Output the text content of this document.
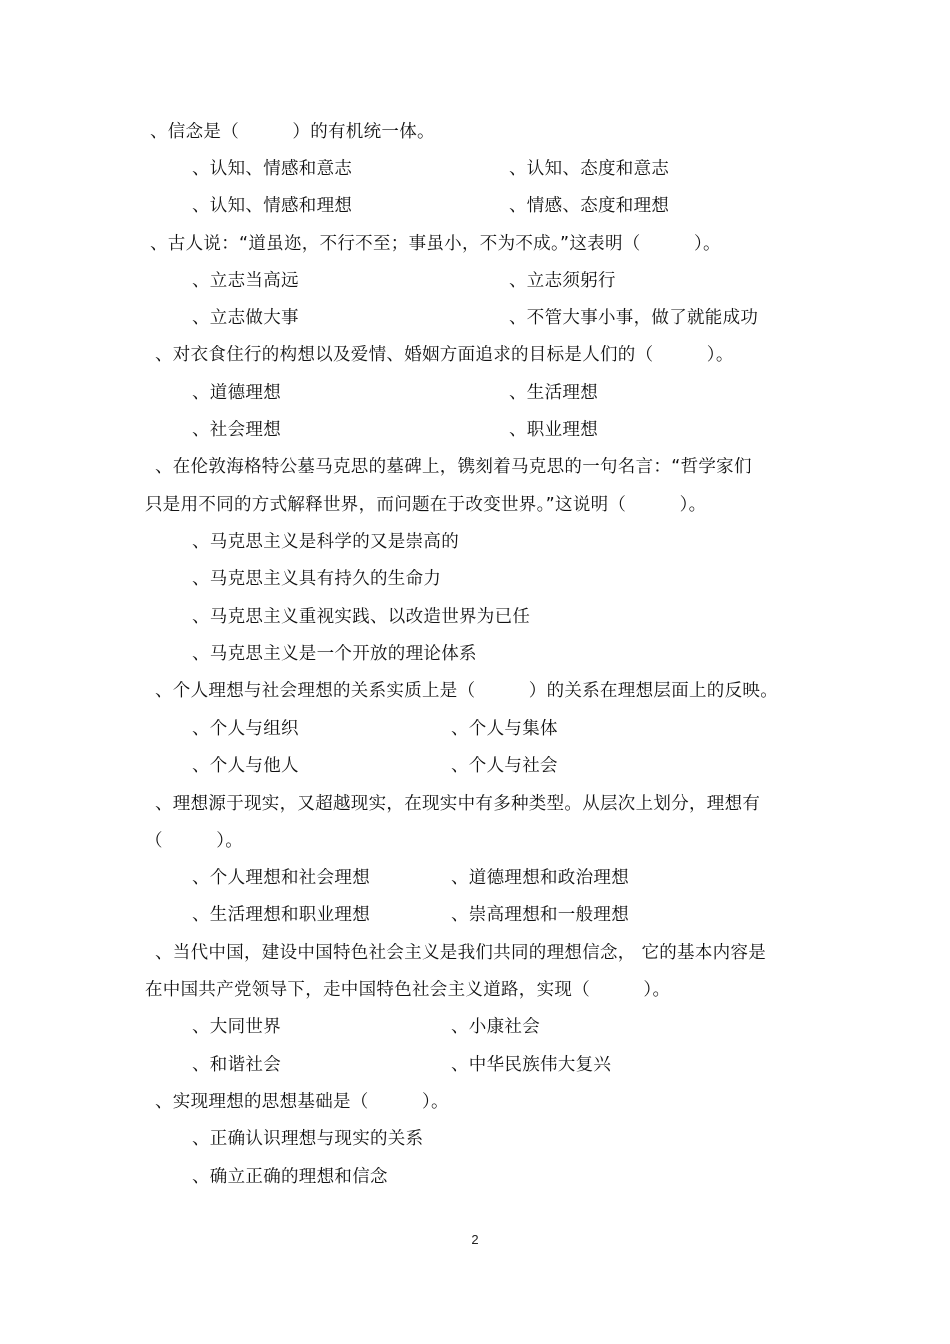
、信念是（　　　）的有机统一体。
、认知、情感和意志	、认知、态度和意志
、认知、情感和理想	、情感、态度和理想
、古人说：“道虽迩，不行不至；事虽小，不为不成。”这表明（　　　）。
、立志当高远	、立志须躬行
、立志做大事	、不管大事小事，做了就能成功
、对衣食住行的构想以及爱情、婚姻方面追求的目标是人们的（　　　）。
、道德理想	、生活理想
、社会理想	、职业理想
、在伦敦海格特公墓马克思的墓碑上，镌刻着马克思的一句名言：“哲学家们
只是用不同的方式解释世界，而问题在于改变世界。”这说明（　　　）。
、马克思主义是科学的又是崇高的
、马克思主义具有持久的生命力
、马克思主义重视实践、以改造世界为已任
、马克思主义是一个开放的理论体系
、个人理想与社会理想的关系实质上是（　　　）的关系在理想层面上的反映。
、个人与组织	、个人与集体
、个人与他人	、个人与社会
、理想源于现实，又超越现实，在现实中有多种类型。从层次上划分，理想有
（　　　）。
、个人理想和社会理想	、道德理想和政治理想
、生活理想和职业理想	、崇高理想和一般理想
、当代中国，建设中国特色社会主义是我们共同的理想信念， 它的基本内容是
在中国共产党领导下，走中国特色社会主义道路，实现（　　　）。
、大同世界	、小康社会
、和谐社会	、中华民族伟大复兴
、实现理想的思想基础是（　　　）。
、正确认识理想与现实的关系
、确立正确的理想和信念
2
